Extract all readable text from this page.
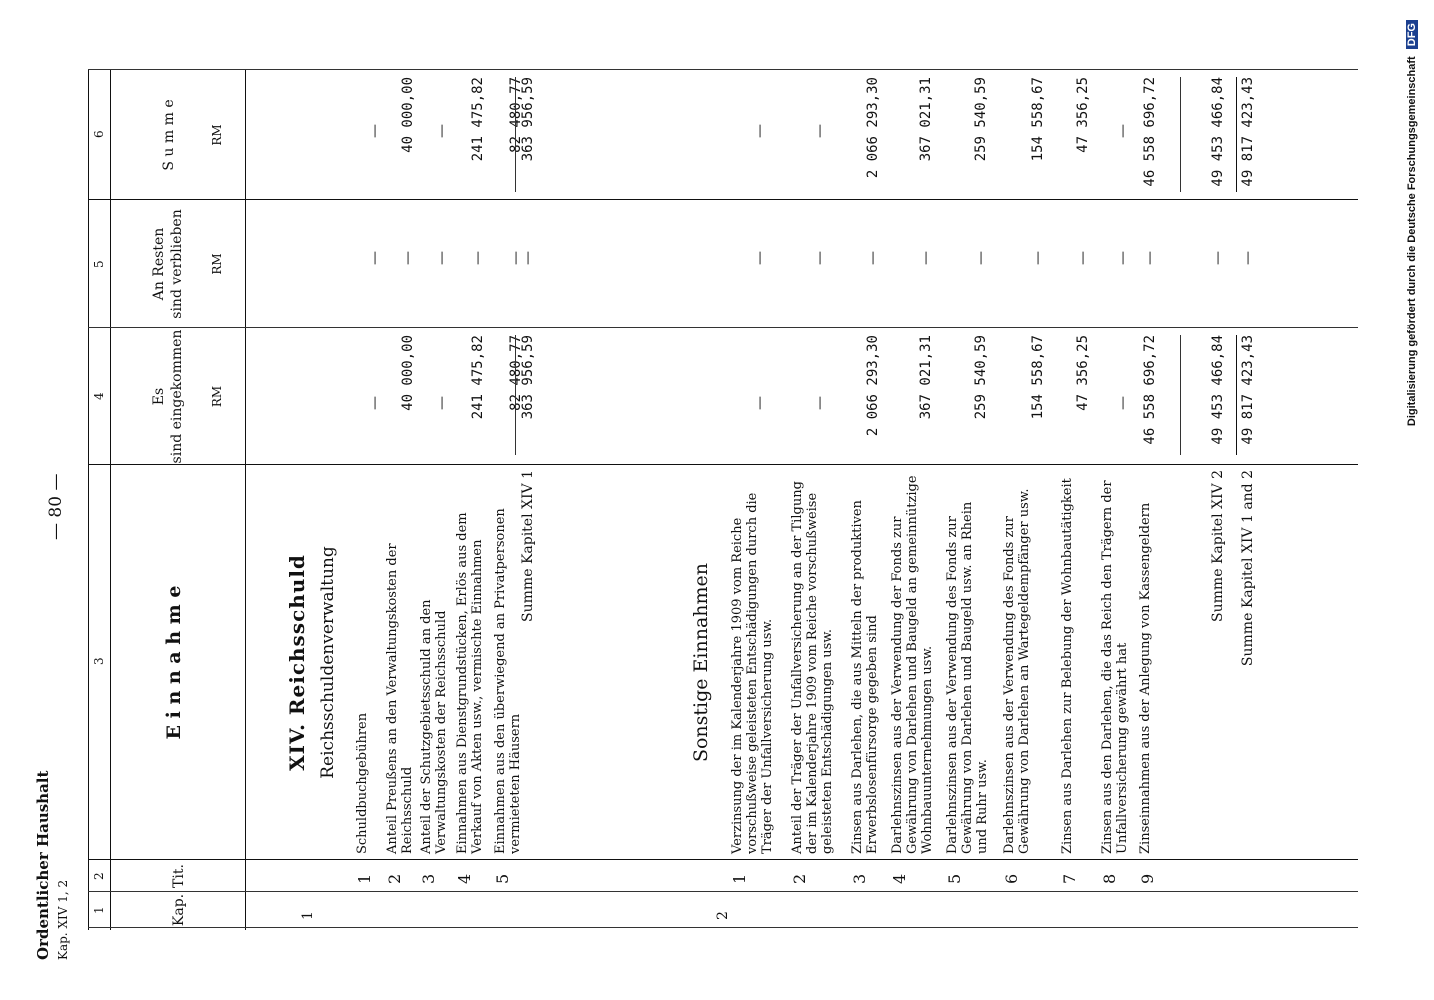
Ordentlicher Haushalt Kap. XIV 1, 2
— 80 —
1
2
3
4
5
6
Kap.
Tit.
E i n n a h m e
Es sind eingekommen RM
An Resten sind verblieben RM
S u m m e	RM
1
XIV. Reichsschuld Reichsschuldenverwaltung
1
Schuldbuchgebühren
—
—
—
2
Anteil Preußens an den Verwaltungskosten der Reichsschuld
40 000,00
—
40 000,00
3
Anteil der Schutzgebietsschuld an den Verwaltungskosten der Reichsschuld
—
—
—
4
Einnahmen aus Dienstgrundstücken, Erlös aus dem Verkauf von Akten usw., vermischte Einnahmen
241 475,82
—
241 475,82
5
Einnahmen aus den überwiegend an Privatpersonen vermieteten Häusern
82 480,77
—
82 480,77
Summe Kapitel XIV 1
363 956,59
—
363 956,59
2
Sonstige Einnahmen
1
Verzinsung der im Kalenderjahre 1909 vom Reiche vorschußweise geleisteten Entschädigungen durch die Träger der Unfallversicherung usw.
—
—
—
2
Anteil der Träger der Unfallversicherung an der Tilgung der im Kalenderjahre 1909 vom Reiche vorschußweise geleisteten Entschädigungen usw.
—
—
—
3
Zinsen aus Darlehen, die aus Mitteln der produktiven Erwerbslosenfürsorge gegeben sind
2 066 293,30
—
2 066 293,30
4
Darlehnszinsen aus der Verwendung der Fonds zur Gewährung von Darlehen und Baugeld an gemeinnützige Wohnbauunternehmungen usw.
367 021,31
—
367 021,31
5
Darlehnszinsen aus der Verwendung des Fonds zur Gewährung von Darlehen und Baugeld usw. an Rhein und Ruhr usw.
259 540,59
—
259 540,59
6
Darlehnszinsen aus der Verwendung des Fonds zur Gewährung von Darlehen an Wartegeldempfänger usw.
154 558,67
—
154 558,67
7
Zinsen aus Darlehen zur Belebung der Wohnbautätigkeit
47 356,25
—
47 356,25
8
Zinsen aus den Darlehen, die das Reich den Trägern der Unfallversicherung gewährt hat
—
—
—
9
Zinseinnahmen aus der Anlegung von Kassengeldern
46 558 696,72
—
46 558 696,72
Summe Kapitel XIV 2
49 453 466,84
—
49 453 466,84
Summe Kapitel XIV 1 and 2
49 817 423,43
—
49 817 423,43	Digitalisierung gefördert durch die Deutsche Forschungsgemeinschaft DFG
